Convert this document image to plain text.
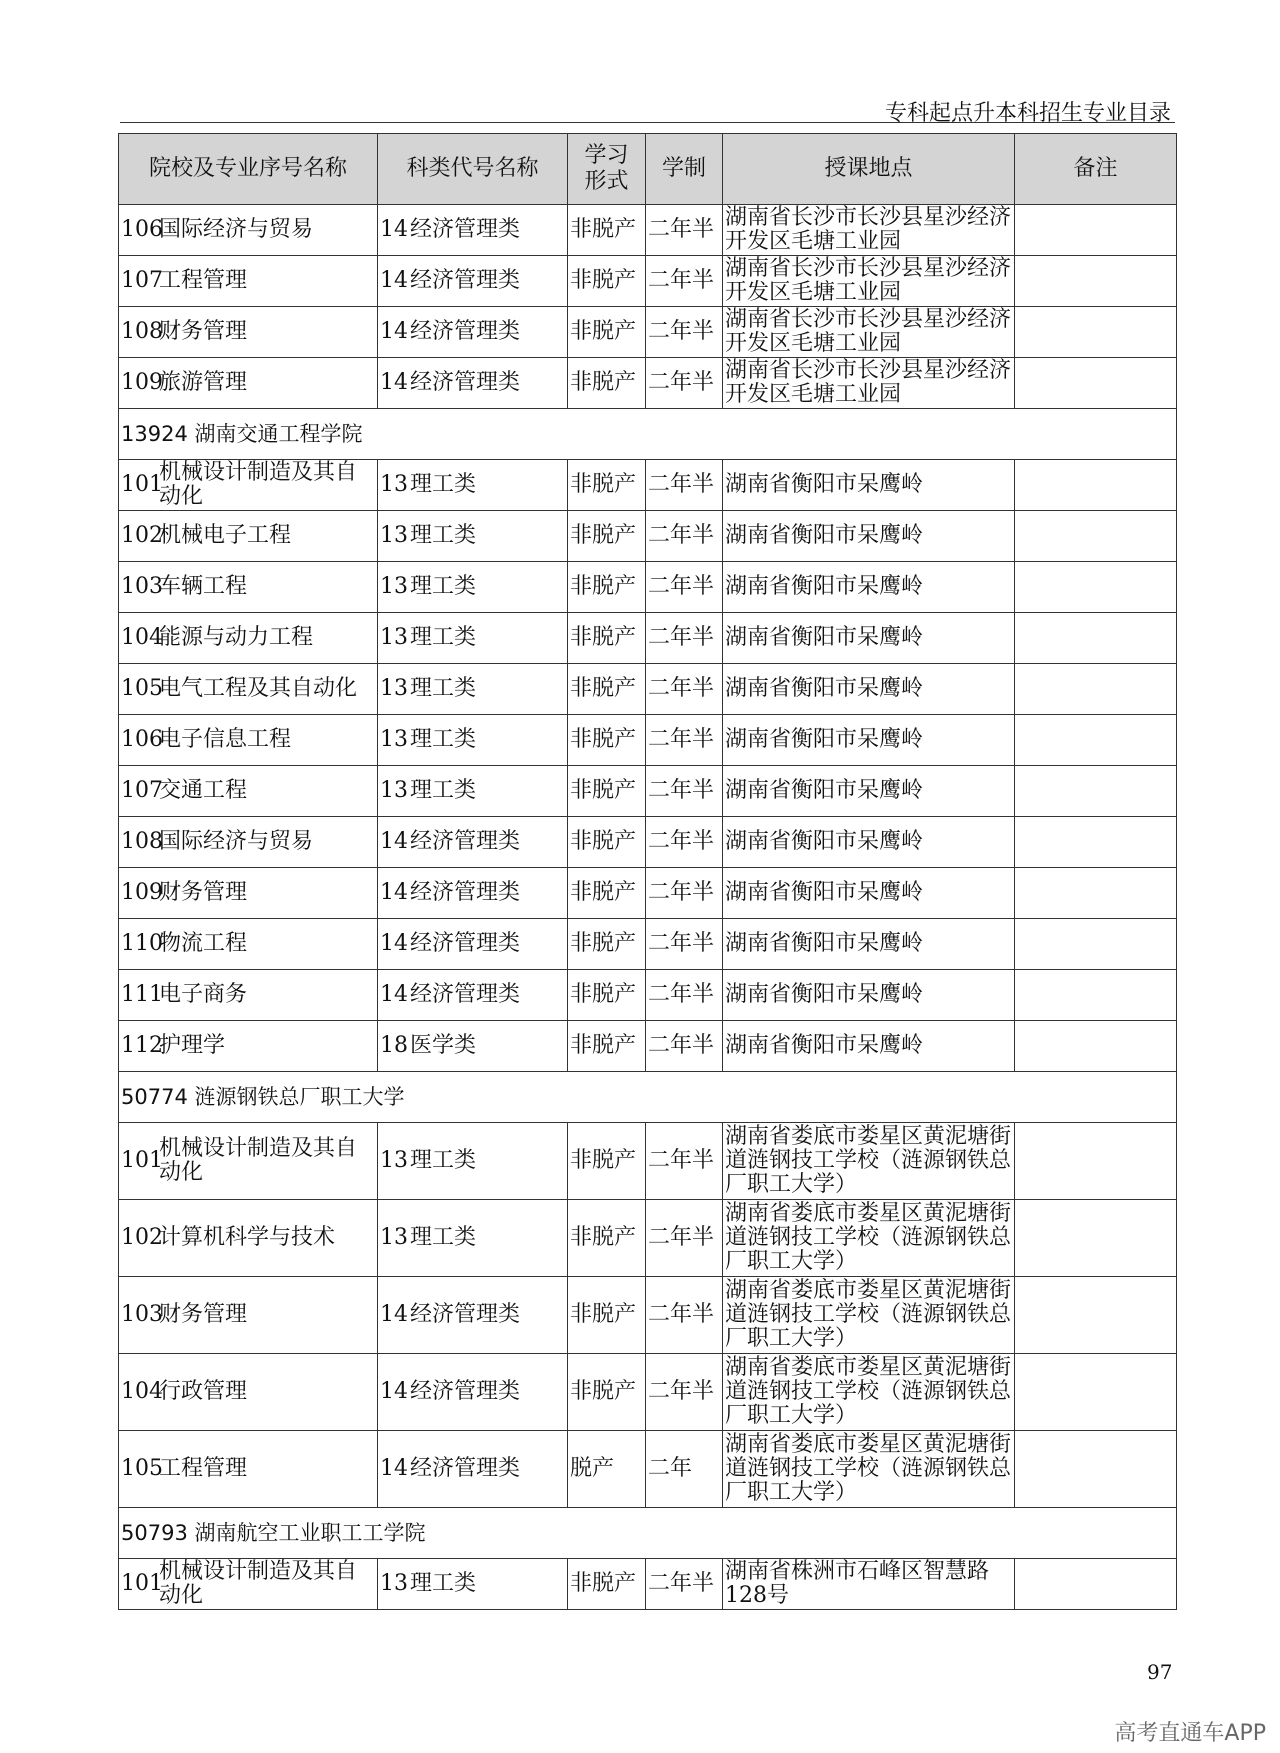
专科起点升本科招生专业目录
院校及专业序号名称	科类代号名称	学习形式	学制	授课地点	备注
106国际经济与贸易	14经济管理类	非脱产	二年半	湖南省长沙市长沙县星沙经济开发区毛塘工业园	
107工程管理	14经济管理类	非脱产	二年半	湖南省长沙市长沙县星沙经济开发区毛塘工业园	
108财务管理	14经济管理类	非脱产	二年半	湖南省长沙市长沙县星沙经济开发区毛塘工业园	
109旅游管理	14经济管理类	非脱产	二年半	湖南省长沙市长沙县星沙经济开发区毛塘工业园	
13924 湖南交通工程学院					
101机械设计制造及其自动化	13理工类	非脱产	二年半	湖南省衡阳市呆鹰岭	
102机械电子工程	13理工类	非脱产	二年半	湖南省衡阳市呆鹰岭	
103车辆工程	13理工类	非脱产	二年半	湖南省衡阳市呆鹰岭	
104能源与动力工程	13理工类	非脱产	二年半	湖南省衡阳市呆鹰岭	
105电气工程及其自动化	13理工类	非脱产	二年半	湖南省衡阳市呆鹰岭	
106电子信息工程	13理工类	非脱产	二年半	湖南省衡阳市呆鹰岭	
107交通工程	13理工类	非脱产	二年半	湖南省衡阳市呆鹰岭	
108国际经济与贸易	14经济管理类	非脱产	二年半	湖南省衡阳市呆鹰岭	
109财务管理	14经济管理类	非脱产	二年半	湖南省衡阳市呆鹰岭	
110物流工程	14经济管理类	非脱产	二年半	湖南省衡阳市呆鹰岭	
111电子商务	14经济管理类	非脱产	二年半	湖南省衡阳市呆鹰岭	
112护理学	18医学类	非脱产	二年半	湖南省衡阳市呆鹰岭	
50774 涟源钢铁总厂职工大学					
101机械设计制造及其自动化	13理工类	非脱产	二年半	湖南省娄底市娄星区黄泥塘街道涟钢技工学校（涟源钢铁总厂职工大学）	
102计算机科学与技术	13理工类	非脱产	二年半	湖南省娄底市娄星区黄泥塘街道涟钢技工学校（涟源钢铁总厂职工大学）	
103财务管理	14经济管理类	非脱产	二年半	湖南省娄底市娄星区黄泥塘街道涟钢技工学校（涟源钢铁总厂职工大学）	
104行政管理	14经济管理类	非脱产	二年半	湖南省娄底市娄星区黄泥塘街道涟钢技工学校（涟源钢铁总厂职工大学）	
105工程管理	14经济管理类	脱产	二年	湖南省娄底市娄星区黄泥塘街道涟钢技工学校（涟源钢铁总厂职工大学）	
50793 湖南航空工业职工工学院					
101机械设计制造及其自动化	13理工类	非脱产	二年半	湖南省株洲市石峰区智慧路128号	
97
高考直通车APP
